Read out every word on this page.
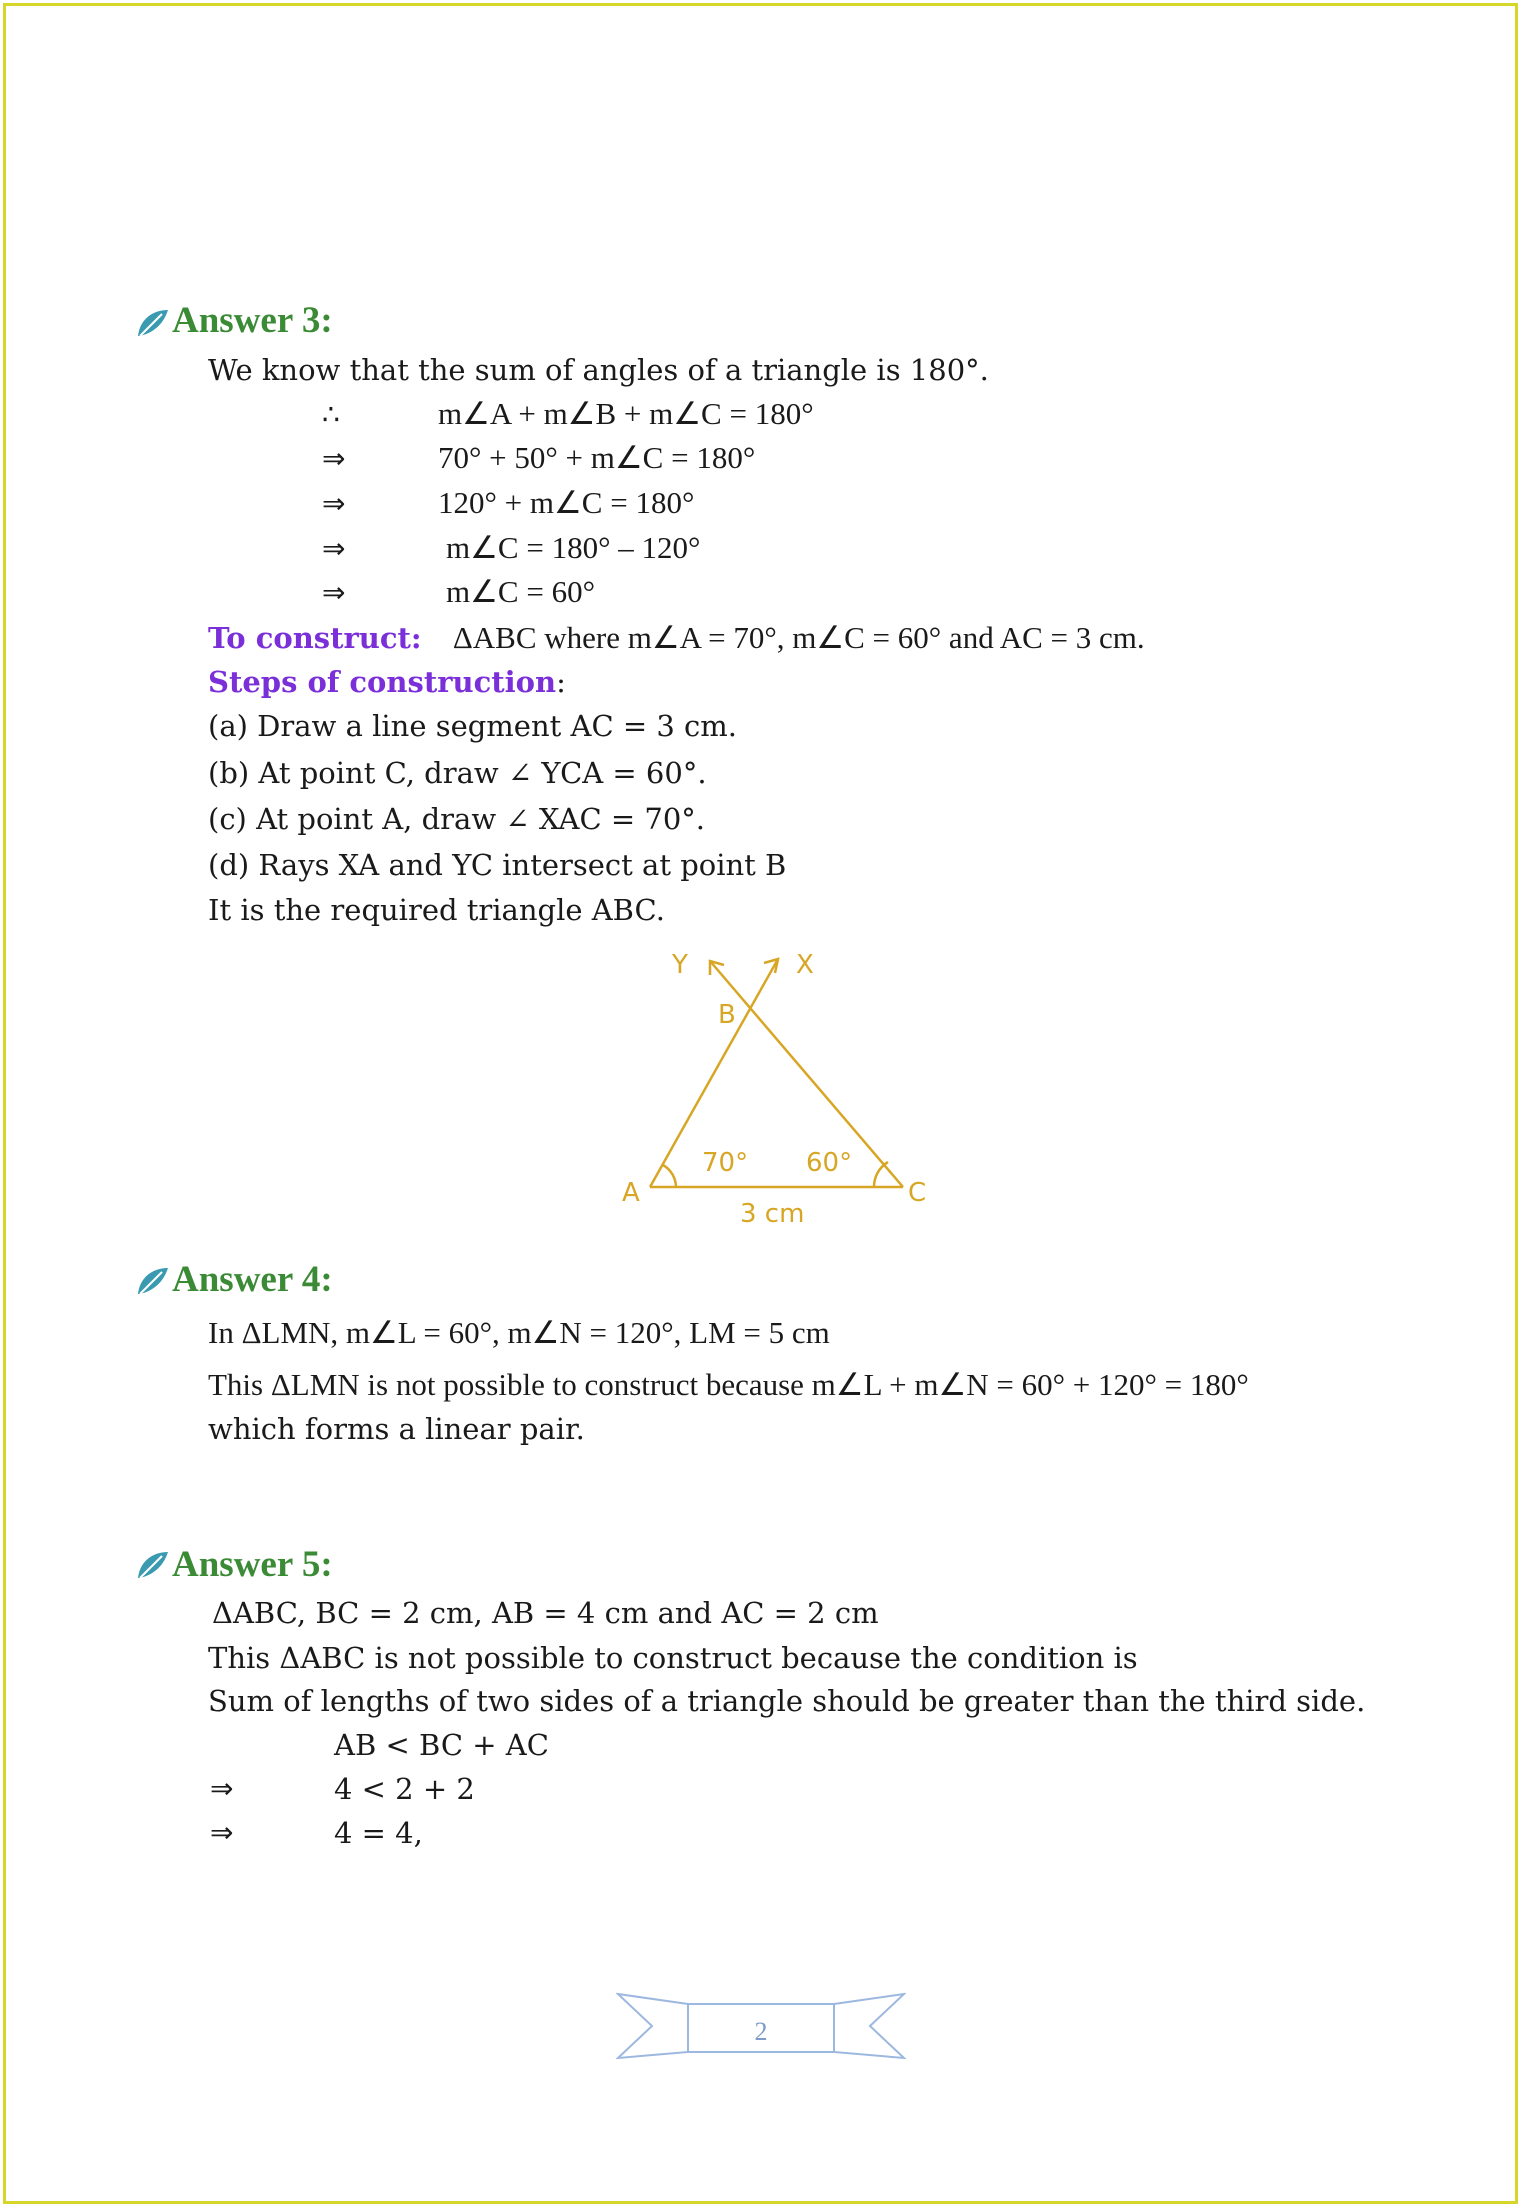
Answer 3:
We know that the sum of angles of a triangle is 180°.
∴	m∠A + m∠B + m∠C = 180°
⇒	70° + 50° + m∠C = 180°
⇒	120° + m∠C = 180°
⇒	m∠C = 180° – 120°
⇒	m∠C = 60°
To construct: ΔABC where m∠A = 70°, m∠C = 60° and AC = 3 cm.
Steps of construction:
(a) Draw a line segment AC = 3 cm.
(b) At point C, draw ∠ YCA = 60°.
(c) At point A, draw ∠ XAC = 70°.
(d) Rays XA and YC intersect at point B
It is the required triangle ABC.
Y	X
B
A	C
70° 60°
3 cm
Answer 4:
In ΔLMN, m∠L = 60°, m∠N = 120°, LM = 5 cm
This ΔLMN is not possible to construct because m∠L + m∠N = 60° + 120° = 180°
which forms a linear pair.
Answer 5:
ΔABC, BC = 2 cm, AB = 4 cm and AC = 2 cm
This ΔABC is not possible to construct because the condition is
Sum of lengths of two sides of a triangle should be greater than the third side.
AB < BC + AC
⇒	4 < 2 + 2
⇒	4 = 4,
2
